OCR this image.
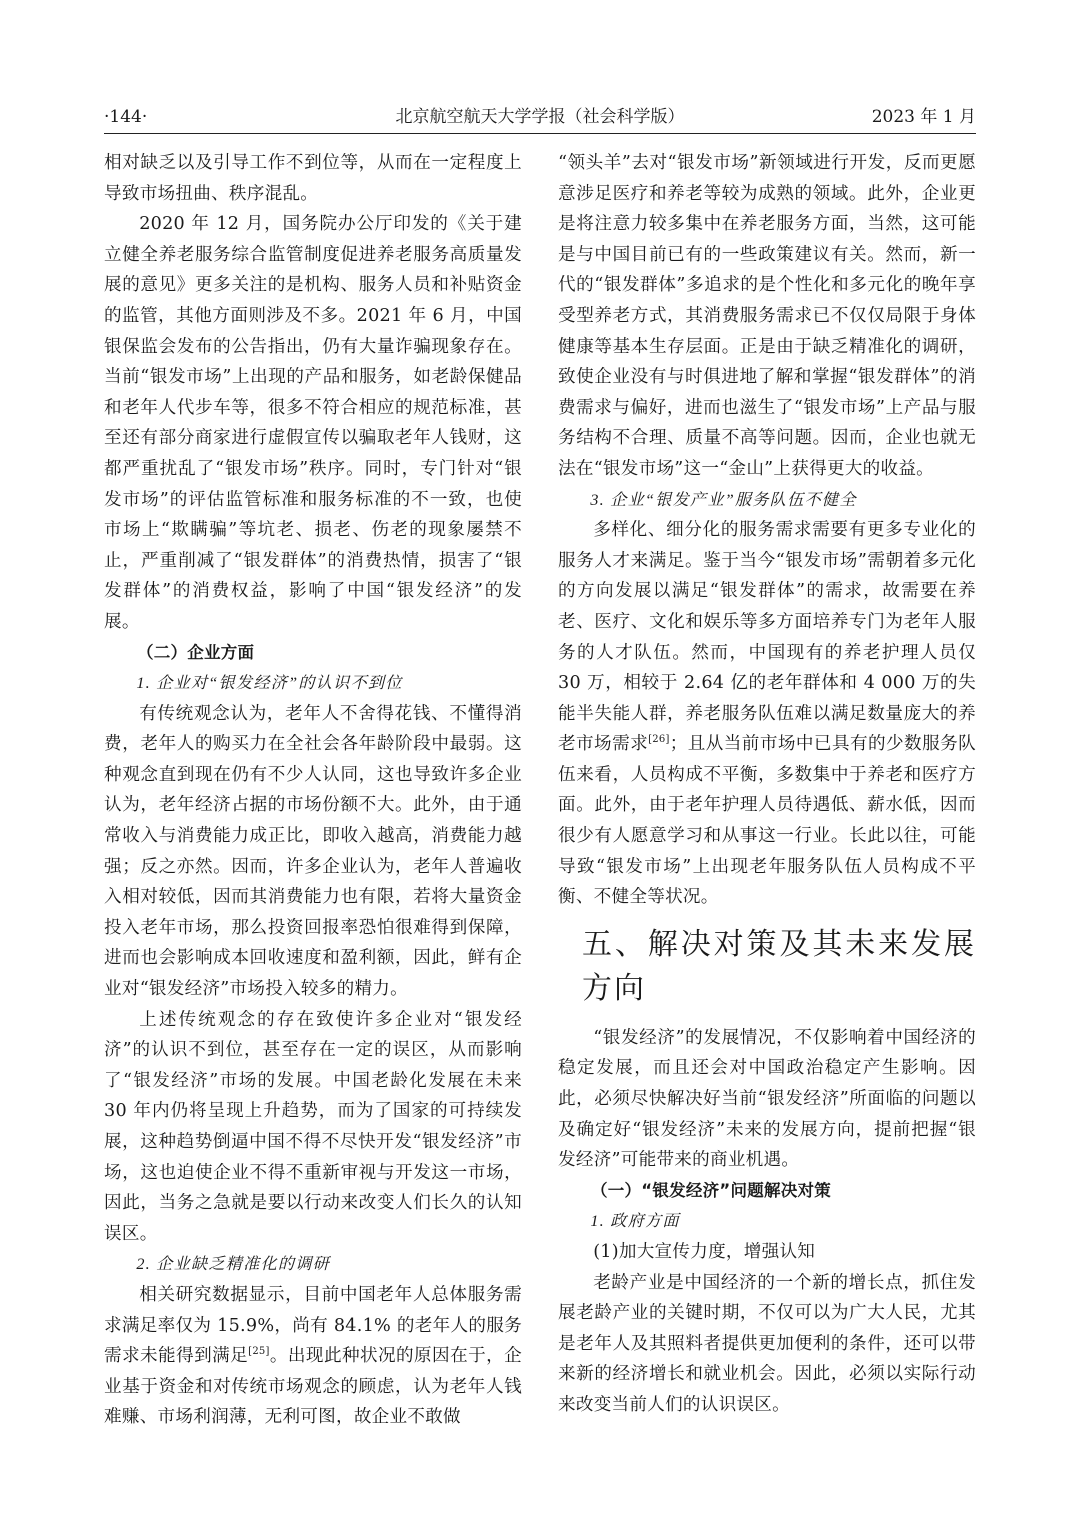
北京航空航天大学学报（社会科学版）
·144·	2023 年 1 月

相对缺乏以及引导工作不到位等，从而在一定程度上导致市场扭曲、秩序混乱。

2020 年 12 月，国务院办公厅印发的《关于建立健全养老服务综合监管制度促进养老服务高质量发展的意见》更多关注的是机构、服务人员和补贴资金的监管，其他方面则涉及不多。2021 年 6 月，中国银保监会发布的公告指出，仍有大量诈骗现象存在。当前“银发市场”上出现的产品和服务，如老龄保健品和老年人代步车等，很多不符合相应的规范标准，甚至还有部分商家进行虚假宣传以骗取老年人钱财，这都严重扰乱了“银发市场”秩序。同时，专门针对“银发市场”的评估监管标准和服务标准的不一致，也使市场上“欺瞒骗”等坑老、损老、伤老的现象屡禁不止，严重削减了“银发群体”的消费热情，损害了“银发群体”的消费权益，影响了中国“银发经济”的发展。

（二）企业方面

1. 企业对“银发经济”的认识不到位

有传统观念认为，老年人不舍得花钱、不懂得消费，老年人的购买力在全社会各年龄阶段中最弱。这种观念直到现在仍有不少人认同，这也导致许多企业认为，老年经济占据的市场份额不大。此外，由于通常收入与消费能力成正比，即收入越高，消费能力越强；反之亦然。因而，许多企业认为，老年人普遍收入相对较低，因而其消费能力也有限，若将大量资金投入老年市场，那么投资回报率恐怕很难得到保障，进而也会影响成本回收速度和盈利额，因此，鲜有企业对“银发经济”市场投入较多的精力。

上述传统观念的存在致使许多企业对“银发经济”的认识不到位，甚至存在一定的误区，从而影响了“银发经济”市场的发展。中国老龄化发展在未来 30 年内仍将呈现上升趋势，而为了国家的可持续发展，这种趋势倒逼中国不得不尽快开发“银发经济”市场，这也迫使企业不得不重新审视与开发这一市场，因此，当务之急就是要以行动来改变人们长久的认知误区。

2. 企业缺乏精准化的调研

相关研究数据显示，目前中国老年人总体服务需求满足率仅为 15.9%，尚有 84.1% 的老年人的服务需求未能得到满足[25]。出现此种状况的原因在于，企业基于资金和对传统市场观念的顾虑，认为老年人钱难赚、市场利润薄，无利可图，故企业不敢做

“领头羊”去对“银发市场”新领域进行开发，反而更愿意涉足医疗和养老等较为成熟的领域。此外，企业更是将注意力较多集中在养老服务方面，当然，这可能是与中国目前已有的一些政策建议有关。然而，新一代的“银发群体”多追求的是个性化和多元化的晚年享受型养老方式，其消费服务需求已不仅仅局限于身体健康等基本生存层面。正是由于缺乏精准化的调研，致使企业没有与时俱进地了解和掌握“银发群体”的消费需求与偏好，进而也滋生了“银发市场”上产品与服务结构不合理、质量不高等问题。因而，企业也就无法在“银发市场”这一“金山”上获得更大的收益。

3. 企业“银发产业”服务队伍不健全

多样化、细分化的服务需求需要有更多专业化的服务人才来满足。鉴于当今“银发市场”需朝着多元化的方向发展以满足“银发群体”的需求，故需要在养老、医疗、文化和娱乐等多方面培养专门为老年人服务的人才队伍。然而，中国现有的养老护理人员仅 30 万，相较于 2.64 亿的老年群体和 4 000 万的失能半失能人群，养老服务队伍难以满足数量庞大的养老市场需求[26]；且从当前市场中已具有的少数服务队伍来看，人员构成不平衡，多数集中于养老和医疗方面。此外，由于老年护理人员待遇低、薪水低，因而很少有人愿意学习和从事这一行业。长此以往，可能导致“银发市场”上出现老年服务队伍人员构成不平衡、不健全等状况。

五、解决对策及其未来发展方向

“银发经济”的发展情况，不仅影响着中国经济的稳定发展，而且还会对中国政治稳定产生影响。因此，必须尽快解决好当前“银发经济”所面临的问题以及确定好“银发经济”未来的发展方向，提前把握“银发经济”可能带来的商业机遇。

（一）“银发经济”问题解决对策

1. 政府方面

(1)加大宣传力度，增强认知

老龄产业是中国经济的一个新的增长点，抓住发展老龄产业的关键时期，不仅可以为广大人民，尤其是老年人及其照料者提供更加便利的条件，还可以带来新的经济增长和就业机会。因此，必须以实际行动来改变当前人们的认识误区。
